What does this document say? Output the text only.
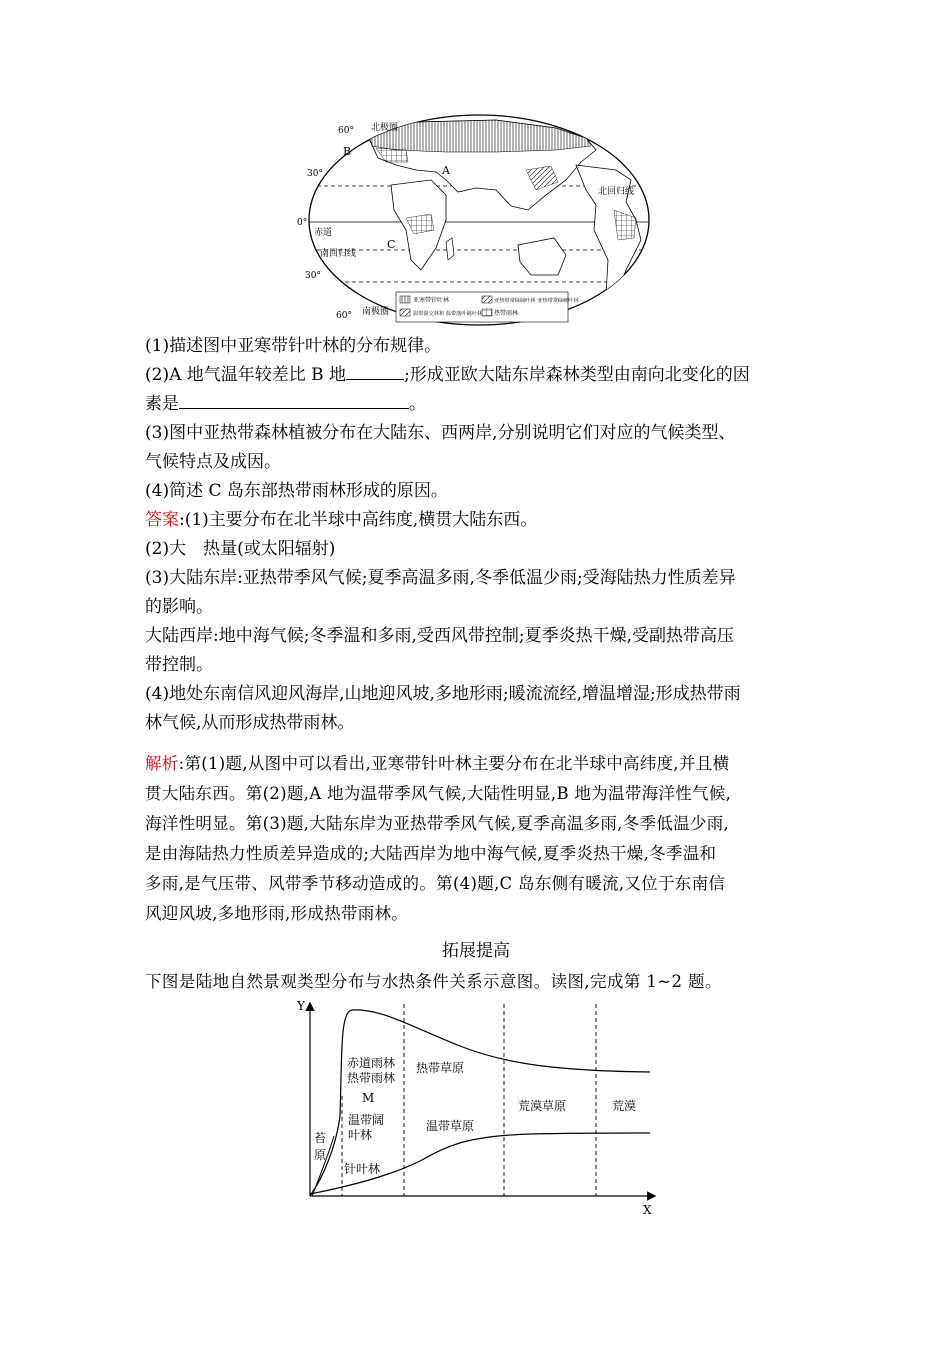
60°
30°
0°
30°
60°
北极圈
北回归线
赤道
南回归线
南极圈
A
B
C
亚寒带针叶林	亚热带常绿阔叶林 亚热带常绿硬叶林
温带混交林和 温带落叶阔叶林 热带雨林
(1)描述图中亚寒带针叶林的分布规律。
(2)A 地气温年较差比 B 地	;形成亚欧大陆东岸森林类型由南向北变化的因
素是	。
(3)图中亚热带森林植被分布在大陆东、西两岸,分别说明它们对应的气候类型、
气候特点及成因。
(4)简述 C 岛东部热带雨林形成的原因。
答案:(1)主要分布在北半球中高纬度,横贯大陆东西。
(2)大　热量(或太阳辐射)
(3)大陆东岸:亚热带季风气候;夏季高温多雨,冬季低温少雨;受海陆热力性质差异
的影响。
大陆西岸:地中海气候;冬季温和多雨,受西风带控制;夏季炎热干燥,受副热带高压
带控制。
(4)地处东南信风迎风海岸,山地迎风坡,多地形雨;暖流流经,增温增湿;形成热带雨
林气候,从而形成热带雨林。
解析:第(1)题,从图中可以看出,亚寒带针叶林主要分布在北半球中高纬度,并且横
贯大陆东西。第(2)题,A 地为温带季风气候,大陆性明显,B 地为温带海洋性气候,
海洋性明显。第(3)题,大陆东岸为亚热带季风气候,夏季高温多雨,冬季低温少雨,
是由海陆热力性质差异造成的;大陆西岸为地中海气候,夏季炎热干燥,冬季温和
多雨,是气压带、风带季节移动造成的。第(4)题,C 岛东侧有暖流,又位于东南信
风迎风坡,多地形雨,形成热带雨林。
拓展提高
下图是陆地自然景观类型分布与水热条件关系示意图。读图,完成第 1~2 题。
Y
X
苔
原
赤道雨林
热带雨林
M
温带阔
叶林
针叶林
热带草原
温带草原
荒漠草原	荒漠
